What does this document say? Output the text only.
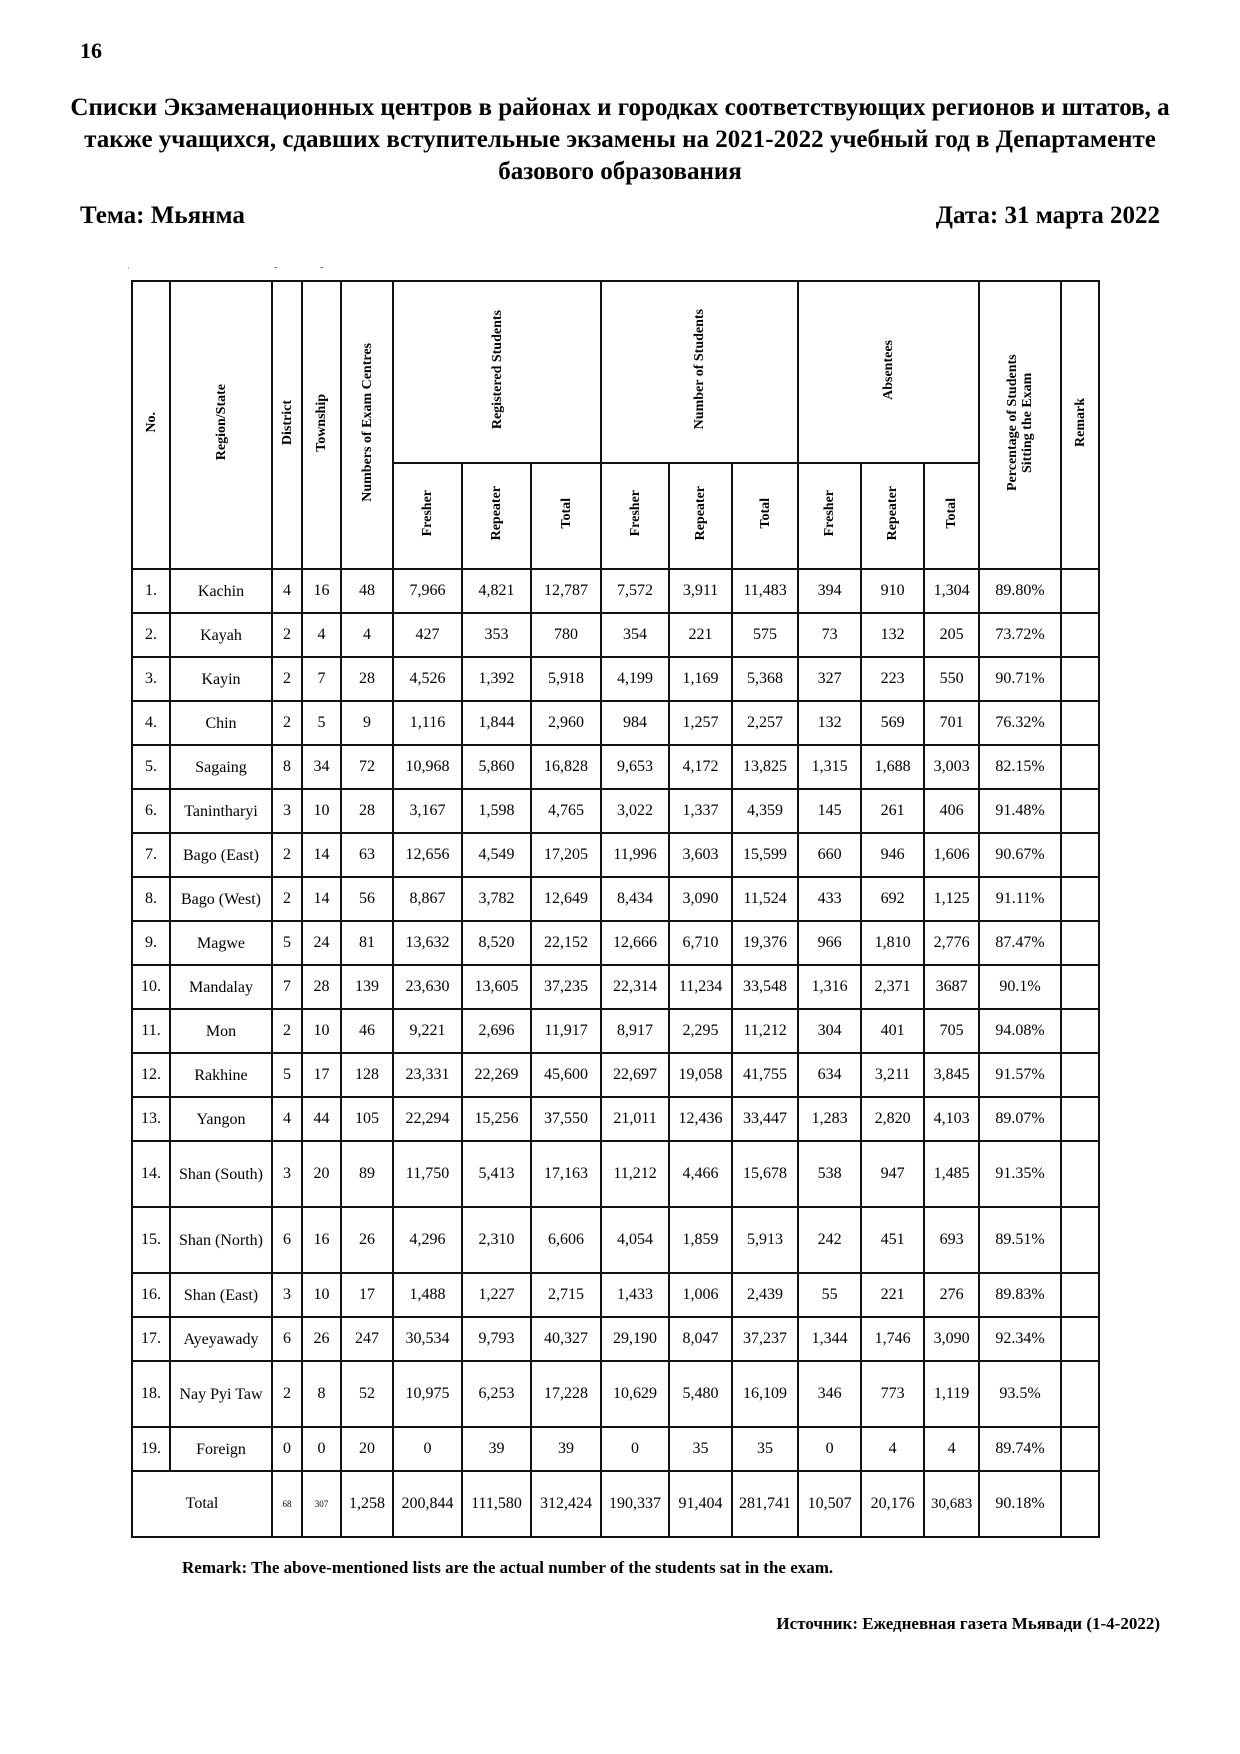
16
Списки Экзаменационных центров в районах и городках соответствующих регионов и штатов, а также учащихся, сдавших вступительные экзамены на 2021-2022 учебный год в Департаменте базового образования
Тема: Мьянма	Дата: 31 марта 2022
ˈ	-	-
No.	Region/State	District	Township	Numbers of Exam Centres	Registered Students			Number of Students			Absentees			Percentage of Students Sitting the Exam	Remark
					Fresher	Repeater	Total	Fresher	Repeater	Total	Fresher	Repeater	Total		
1.	Kachin	4	16	48	7,966	4,821	12,787	7,572	3,911	11,483	394	910	1,304	89.80%	
2.	Kayah	2	4	4	427	353	780	354	221	575	73	132	205	73.72%	
3.	Kayin	2	7	28	4,526	1,392	5,918	4,199	1,169	5,368	327	223	550	90.71%	
4.	Chin	2	5	9	1,116	1,844	2,960	984	1,257	2,257	132	569	701	76.32%	
5.	Sagaing	8	34	72	10,968	5,860	16,828	9,653	4,172	13,825	1,315	1,688	3,003	82.15%	
6.	Tanintharyi	3	10	28	3,167	1,598	4,765	3,022	1,337	4,359	145	261	406	91.48%	
7.	Bago (East)	2	14	63	12,656	4,549	17,205	11,996	3,603	15,599	660	946	1,606	90.67%	
8.	Bago (West)	2	14	56	8,867	3,782	12,649	8,434	3,090	11,524	433	692	1,125	91.11%	
9.	Magwe	5	24	81	13,632	8,520	22,152	12,666	6,710	19,376	966	1,810	2,776	87.47%	
10.	Mandalay	7	28	139	23,630	13,605	37,235	22,314	11,234	33,548	1,316	2,371	3687	90.1%	
11.	Mon	2	10	46	9,221	2,696	11,917	8,917	2,295	11,212	304	401	705	94.08%	
12.	Rakhine	5	17	128	23,331	22,269	45,600	22,697	19,058	41,755	634	3,211	3,845	91.57%	
13.	Yangon	4	44	105	22,294	15,256	37,550	21,011	12,436	33,447	1,283	2,820	4,103	89.07%	
14.	Shan (South)	3	20	89	11,750	5,413	17,163	11,212	4,466	15,678	538	947	1,485	91.35%	
15.	Shan (North)	6	16	26	4,296	2,310	6,606	4,054	1,859	5,913	242	451	693	89.51%	
16.	Shan (East)	3	10	17	1,488	1,227	2,715	1,433	1,006	2,439	55	221	276	89.83%	
17.	Ayeyawady	6	26	247	30,534	9,793	40,327	29,190	8,047	37,237	1,344	1,746	3,090	92.34%	
18.	Nay Pyi Taw	2	8	52	10,975	6,253	17,228	10,629	5,480	16,109	346	773	1,119	93.5%	
19.	Foreign	0	0	20	0	39	39	0	35	35	0	4	4	89.74%	
Total		68	307	1,258	200,844	111,580	312,424	190,337	91,404	281,741	10,507	20,176	30,683	90.18%	
Remark: The above-mentioned lists are the actual number of the students sat in the exam.
Источник: Ежедневная газета Мьявади (1-4-2022)
